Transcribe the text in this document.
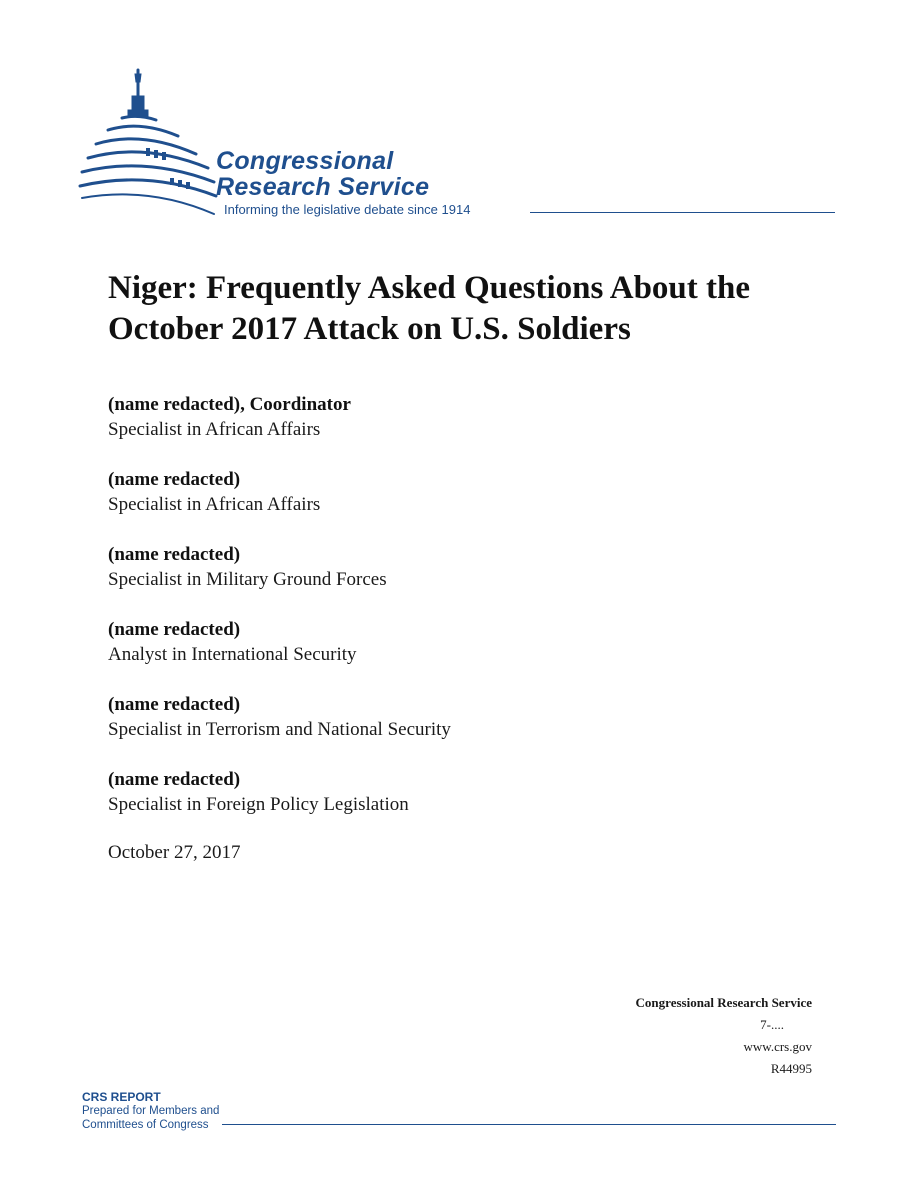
Congressional
Research Service
Informing the legislative debate since 1914
Niger: Frequently Asked Questions About the October 2017 Attack on U.S. Soldiers
(name redacted), Coordinator
Specialist in African Affairs
(name redacted)
Specialist in African Affairs
(name redacted)
Specialist in Military Ground Forces
(name redacted)
Analyst in International Security
(name redacted)
Specialist in Terrorism and National Security
(name redacted)
Specialist in Foreign Policy Legislation
October 27, 2017
Congressional Research Service
7-....
www.crs.gov
R44995
CRS REPORT
Prepared for Members and
Committees of Congress
